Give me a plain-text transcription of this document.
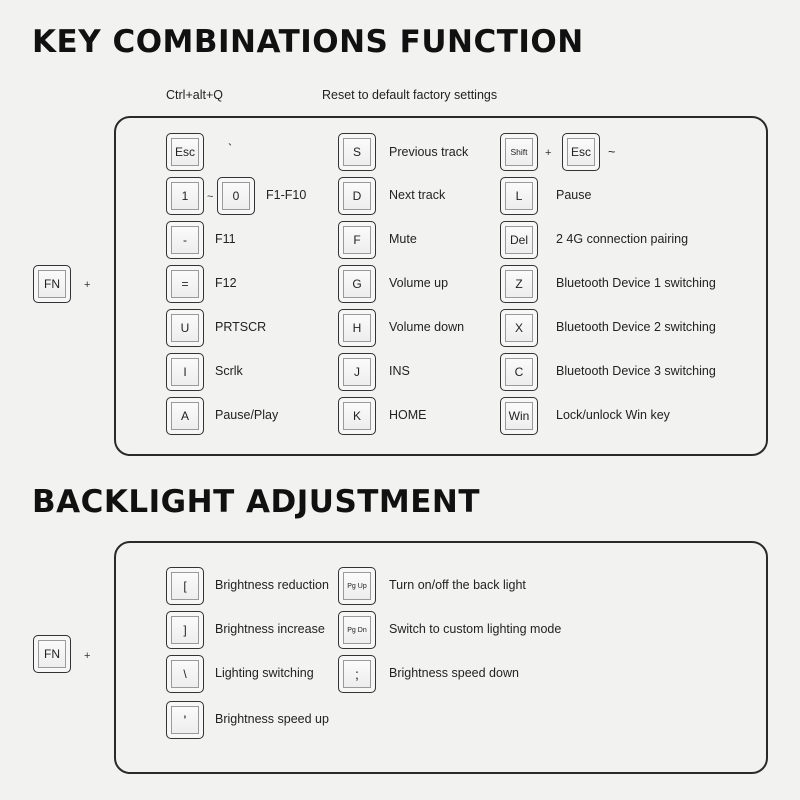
KEY COMBINATIONS FUNCTION
Ctrl+alt+Q	Reset to default factory settings
FN	+
Esc	`
1	~	0	F1-F10
-	F11
=	F12
U	PRTSCR
I	Scrlk
A	Pause/Play
S	Previous track
D	Next track
F	Mute
G	Volume up
H	Volume down
J	INS
K	HOME
Shift	+	Esc	~
L	Pause
Del	2 4G connection pairing
Z	Bluetooth Device 1 switching
X	Bluetooth Device 2 switching
C	Bluetooth Device 3 switching
Win	Lock/unlock Win key
BACKLIGHT ADJUSTMENT
FN	+
[	Brightness reduction
]	Brightness increase
\	Lighting switching
'	Brightness speed up
Pg Up	Turn on/off the back light
Pg Dn	Switch to custom lighting mode
;	Brightness speed down
